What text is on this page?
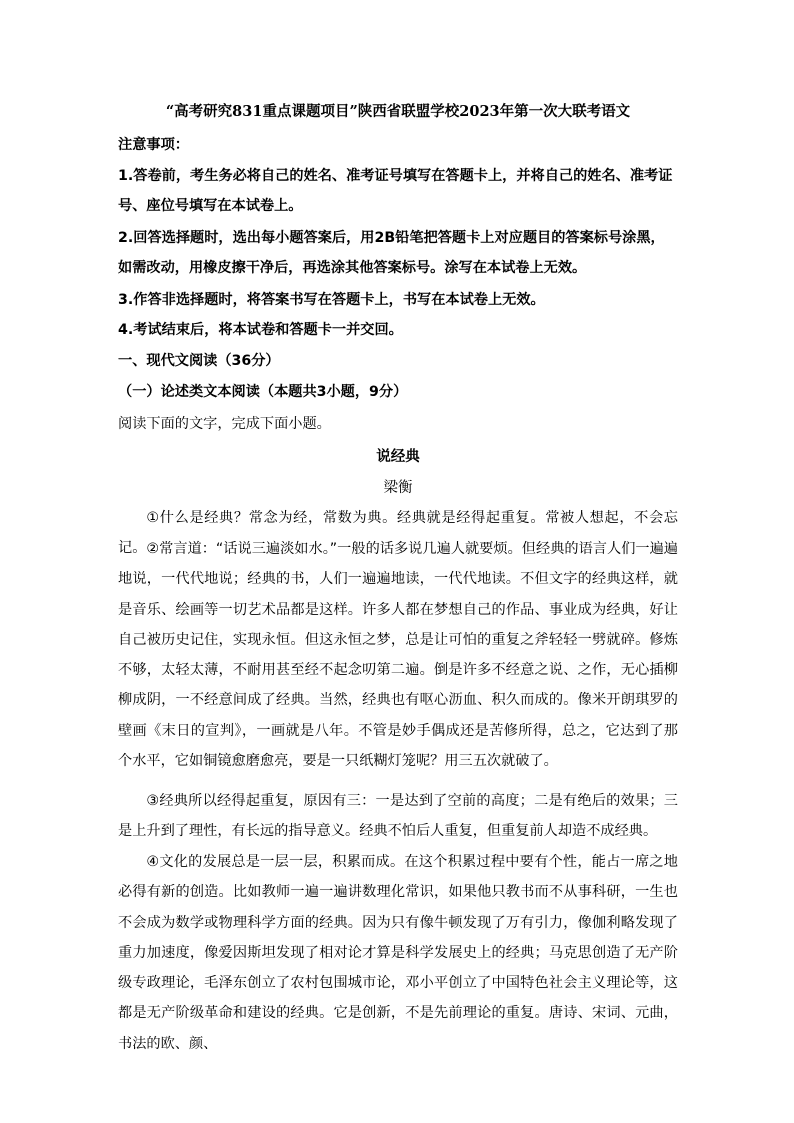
“高考研究831重点课题项目”陕西省联盟学校2023年第一次大联考语文
注意事项：
1.答卷前，考生务必将自己的姓名、准考证号填写在答题卡上，并将自己的姓名、准考证号、座位号填写在本试卷上。
2.回答选择题时，选出每小题答案后，用2B铅笔把答题卡上对应题目的答案标号涂黑，如需改动，用橡皮擦干净后，再选涂其他答案标号。涂写在本试卷上无效。
3.作答非选择题时，将答案书写在答题卡上，书写在本试卷上无效。
4.考试结束后，将本试卷和答题卡一并交回。
一、现代文阅读（36分）
（一）论述类文本阅读（本题共3小题，9分）
阅读下面的文字，完成下面小题。
说经典
梁衡
①什么是经典？常念为经，常数为典。经典就是经得起重复。常被人想起，不会忘记。 ②常言道：“话说三遍淡如水。”一般的话多说几遍人就要烦。但经典的语言人们一遍遍地说，一代代地说；经典的书，人们一遍遍地读，一代代地读。不但文字的经典这样，就是音乐、绘画等一切艺术品都是这样。许多人都在梦想自己的作品、事业成为经典，好让自己被历史记住，实现永恒。但这永恒之梦，总是让可怕的重复之斧轻轻一劈就碎。修炼不够，太轻太薄，不耐用甚至经不起念叨第二遍。倒是许多不经意之说、之作，无心插柳柳成阴，一不经意间成了经典。当然，经典也有呕心沥血、积久而成的。像米开朗琪罗的壁画《末日的宣判》，一画就是八年。不管是妙手偶成还是苦修所得，总之，它达到了那个水平，它如铜镜愈磨愈亮，要是一只纸糊灯笼呢？用三五次就破了。
③经典所以经得起重复，原因有三：一是达到了空前的高度；二是有绝后的效果；三是上升到了理性，有长远的指导意义。经典不怕后人重复，但重复前人却造不成经典。
④文化的发展总是一层一层，积累而成。在这个积累过程中要有个性，能占一席之地必得有新的创造。比如教师一遍一遍讲数理化常识，如果他只教书而不从事科研，一生也不会成为数学或物理科学方面的经典。因为只有像牛顿发现了万有引力，像伽利略发现了重力加速度，像爱因斯坦发现了相对论才算是科学发展史上的经典；马克思创造了无产阶级专政理论，毛泽东创立了农村包围城市论，邓小平创立了中国特色社会主义理论等，这都是无产阶级革命和建设的经典。它是创新，不是先前理论的重复。唐诗、宋词、元曲，书法的欧、颜、
